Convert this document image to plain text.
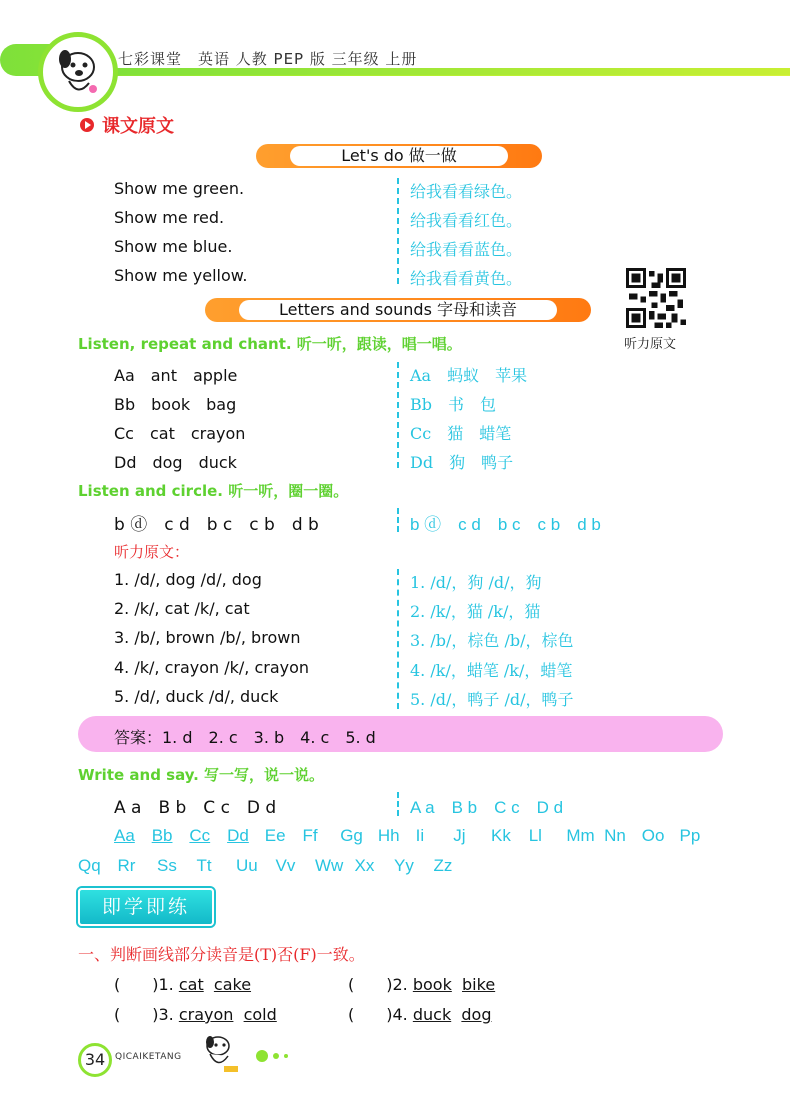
七彩课堂　英语 人教 PEP 版 三年级 上册
课文原文
Let's do 做一做
Show me green.	给我看看绿色。
Show me red.	给我看看红色。
Show me blue.	给我看看蓝色。
Show me yellow.	给我看看黄色。
听力原文
Letters and sounds 字母和读音
Listen, repeat and chant. 听一听，跟读，唱一唱。
Aa　ant　apple	Aa　蚂蚁　苹果
Bb　book　bag	Bb　书　包
Cc　cat　crayon	Cc　猫　蜡笔
Dd　dog　duck	Dd　狗　鸭子
Listen and circle. 听一听，圈一圈。
b ⓓ　c d　b c　c b　d b	b ⓓ　c d　b c　c b　d b
听力原文：
1. /d/, dog /d/, dog	1. /d/，狗 /d/，狗
2. /k/, cat /k/, cat	2. /k/，猫 /k/，猫
3. /b/, brown /b/, brown	3. /b/，棕色 /b/，棕色
4. /k/, crayon /k/, crayon	4. /k/，蜡笔 /k/，蜡笔
5. /d/, duck /d/, duck	5. /d/，鸭子 /d/，鸭子
答案：1. d　2. c　3. b　4. c　5. d
Write and say. 写一写，说一说。
A a　B b　C c　D d	A a　B b　C c　D d
Aa Bb Cc Dd Ee Ff Gg Hh Ii Jj Kk Ll Mm Nn Oo Pp
Qq Rr Ss Tt Uu Vv Ww Xx Yy Zz
即学即练
一、判断画线部分读音是(T)否(F)一致。
(　　)1. cat cake	(　　)2. book bike
(　　)3. crayon cold	(　　)4. duck dog
34	QICAIKETANG
